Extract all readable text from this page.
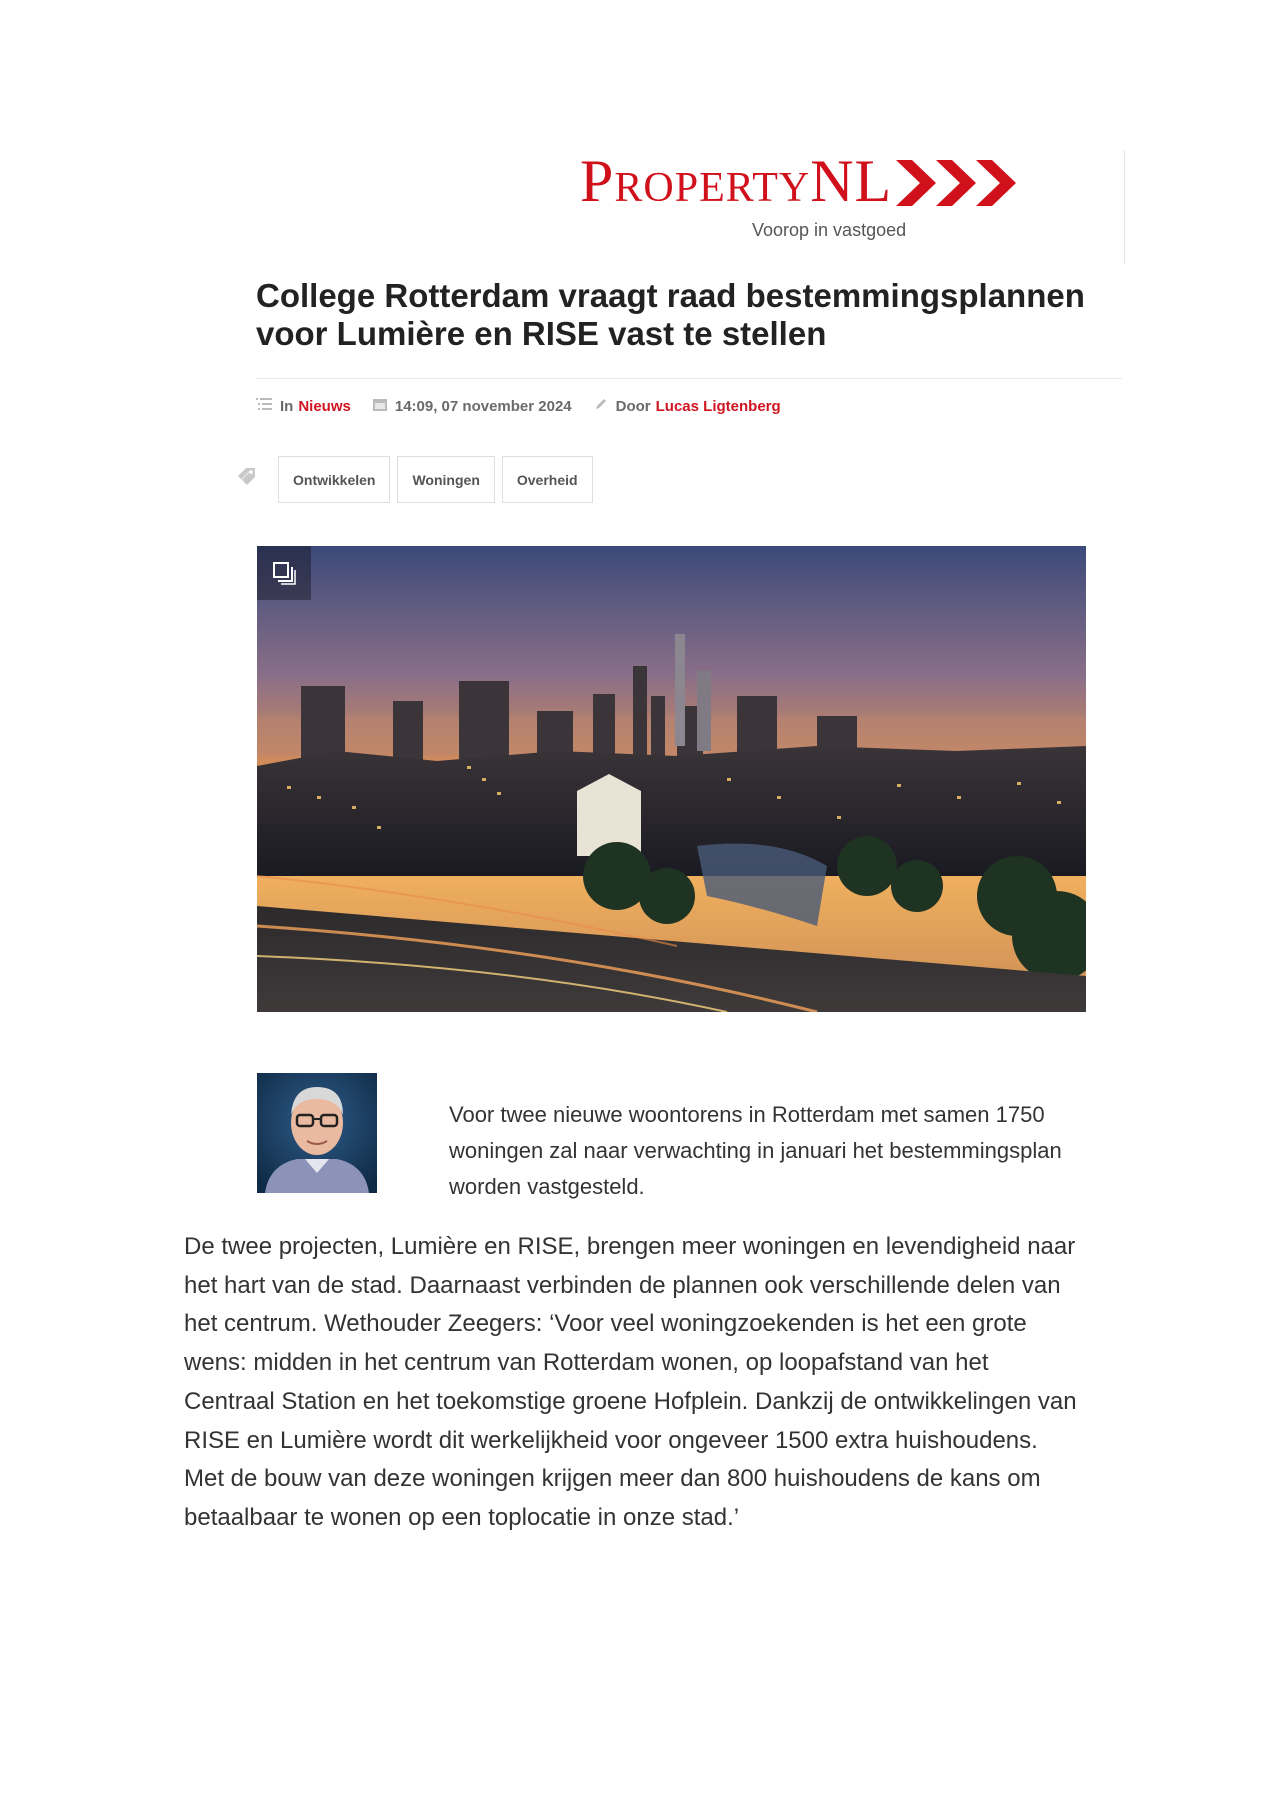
PropertyNL
Voorop in vastgoed
College Rotterdam vraagt raad bestemmingsplannen voor Lumière en RISE vast te stellen
In Nieuws	14:09, 07 november 2024	Door Lucas Ligtenberg
Ontwikkelen	Woningen	Overheid

Voor twee nieuwe woontorens in Rotterdam met samen 1750 woningen zal naar verwachting in januari het bestemmingsplan worden vastgesteld.

De twee projecten, Lumière en RISE, brengen meer woningen en levendigheid naar het hart van de stad. Daarnaast verbinden de plannen ook verschillende delen van het centrum. Wethouder Zeegers: ‘Voor veel woningzoekenden is het een grote wens: midden in het centrum van Rotterdam wonen, op loopafstand van het Centraal Station en het toekomstige groene Hofplein. Dankzij de ontwikkelingen van RISE en Lumière wordt dit werkelijkheid voor ongeveer 1500 extra huishoudens. Met de bouw van deze woningen krijgen meer dan 800 huishoudens de kans om betaalbaar te wonen op een toplocatie in onze stad.’
